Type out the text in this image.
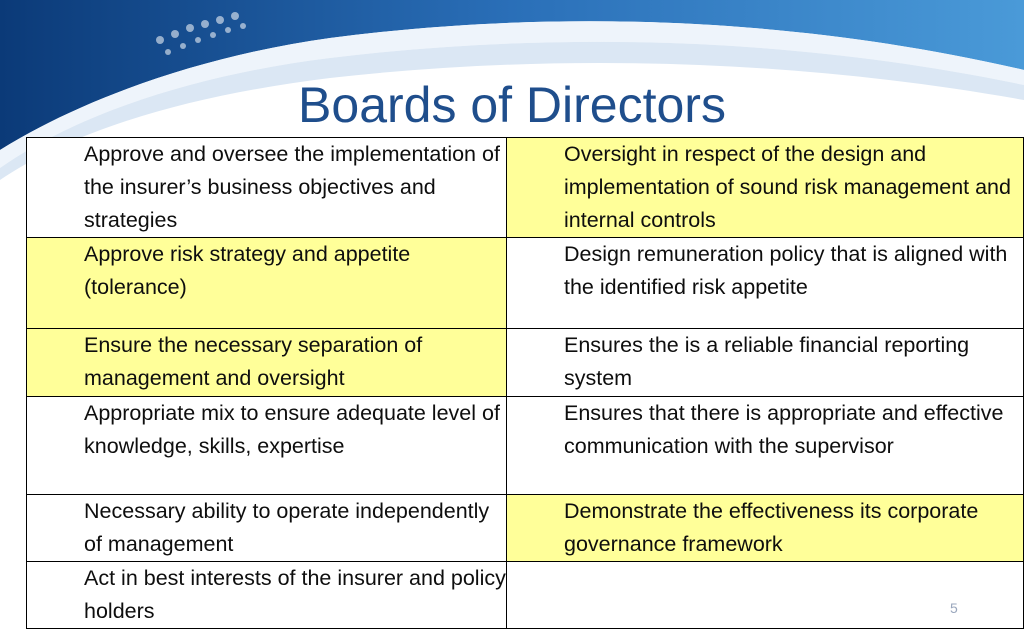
Boards of Directors
Approve and oversee the implementation of the insurer’s business objectives and strategies	Oversight in respect of the design and implementation of sound risk management and internal controls
Approve risk strategy and appetite (tolerance)	Design remuneration policy that is aligned with the identified risk appetite
Ensure the necessary separation of management and oversight	Ensures the is a reliable financial reporting system
Appropriate mix to ensure adequate level of knowledge, skills, expertise	Ensures that there is appropriate and effective communication with the supervisor
Necessary ability to operate independently of management	Demonstrate the effectiveness its corporate governance framework
Act in best interests of the insurer and policy holders		5
